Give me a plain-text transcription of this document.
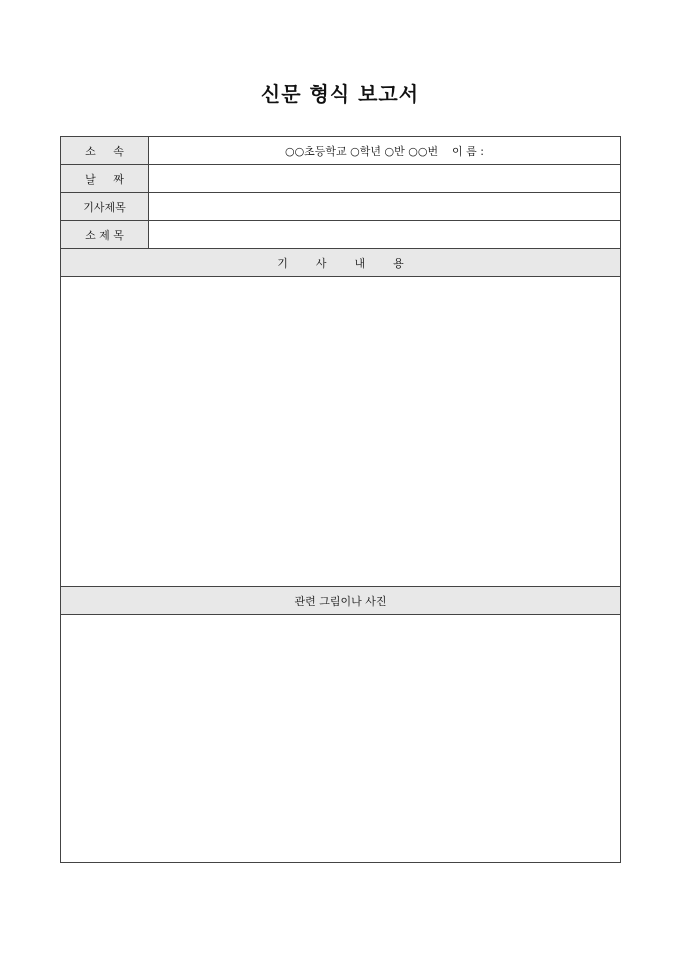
신문 형식 보고서
소     속	○○초등학교 ○학년 ○반 ○○번    이 름 :
날     짜	
기사제목	
소 제 목	
기        사        내        용	

관련 그림이나 사진	
